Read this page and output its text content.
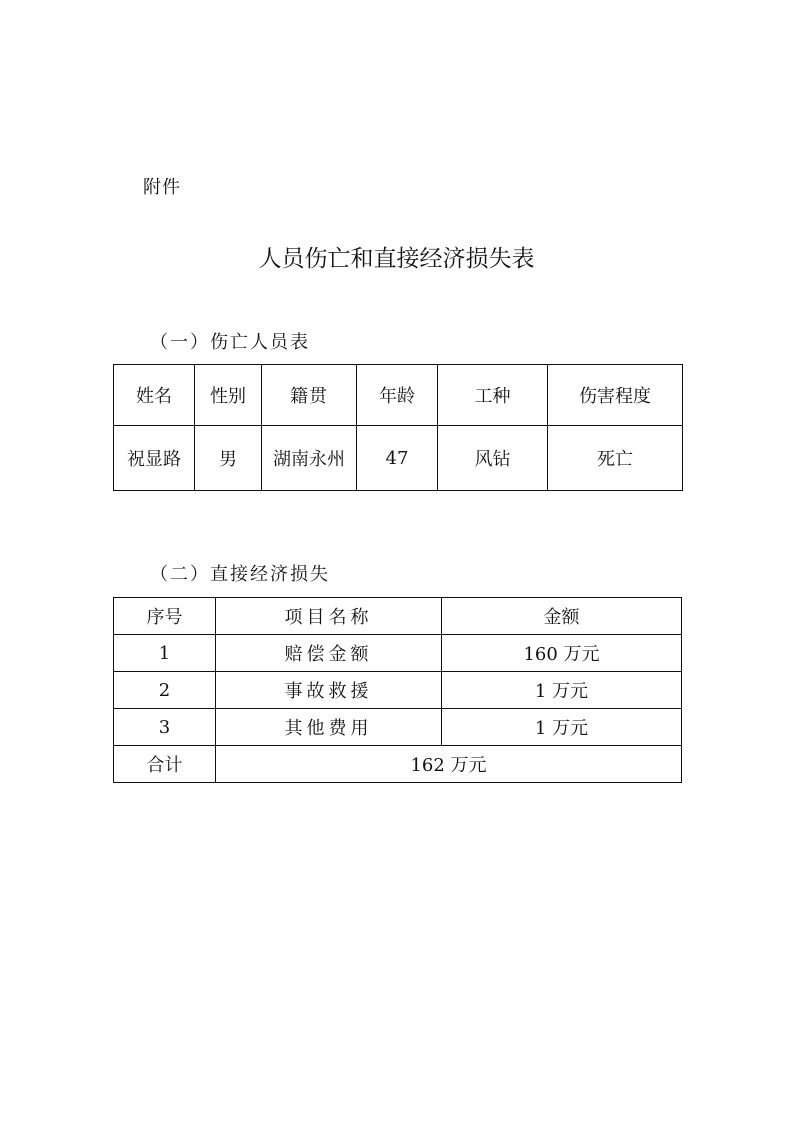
附件
人员伤亡和直接经济损失表
（一）伤亡人员表
姓名	性别	籍贯	年龄	工种	伤害程度
祝显路	男	湖南永州	47	风钻	死亡
（二）直接经济损失
序号	项目名称	金额
1	赔偿金额	160 万元
2	事故救援	1 万元
3	其他费用	1 万元
合计	162 万元	
